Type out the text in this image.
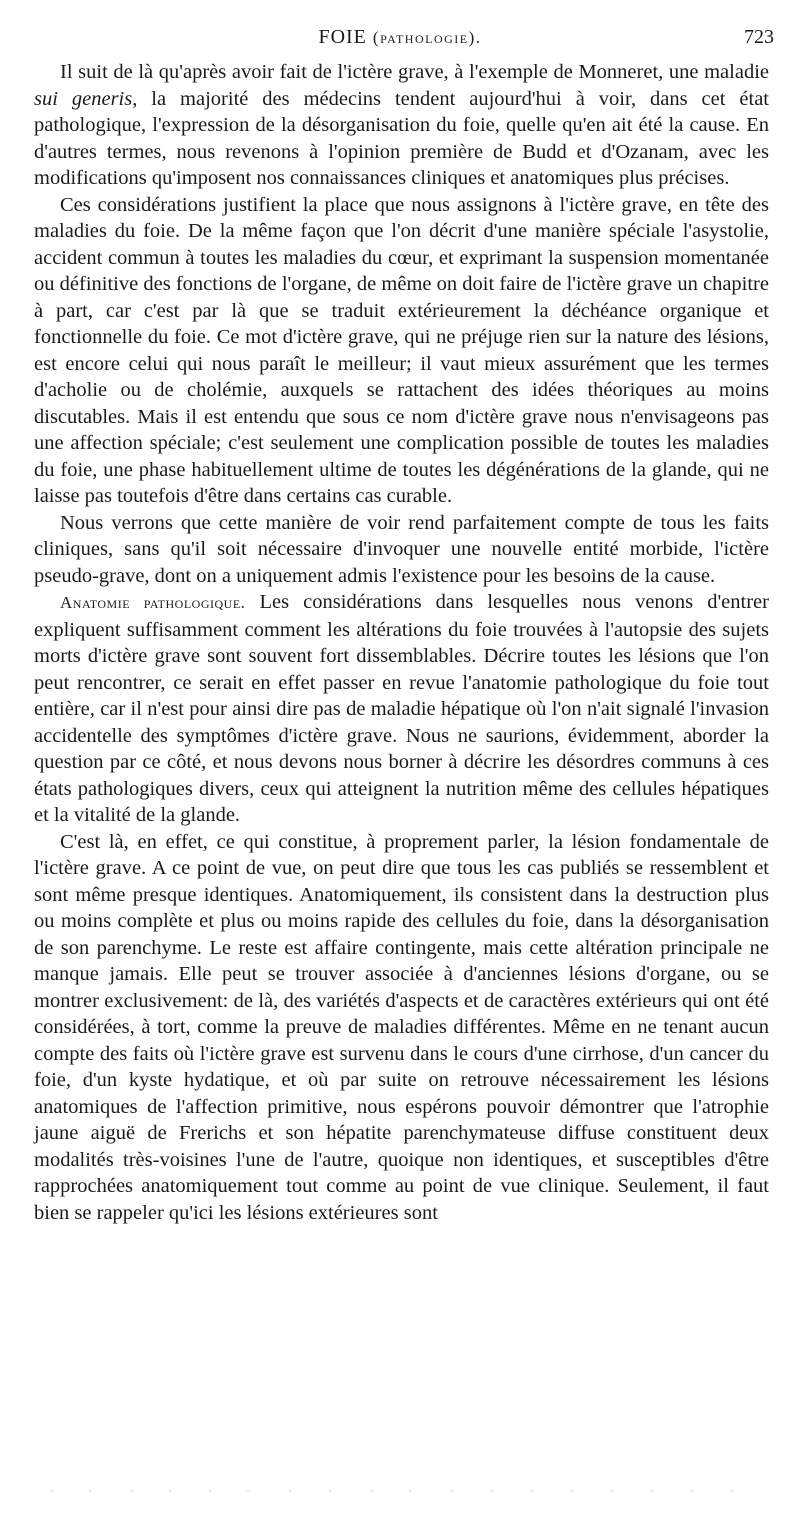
FOIE (pathologie).	723

Il suit de là qu'après avoir fait de l'ictère grave, à l'exemple de Monneret, une maladie sui generis, la majorité des médecins tendent aujourd'hui à voir, dans cet état pathologique, l'expression de la désorganisation du foie, quelle qu'en ait été la cause. En d'autres termes, nous revenons à l'opinion première de Budd et d'Ozanam, avec les modifications qu'imposent nos connaissances cliniques et anatomiques plus précises.

Ces considérations justifient la place que nous assignons à l'ictère grave, en tête des maladies du foie. De la même façon que l'on décrit d'une manière spéciale l'asystolie, accident commun à toutes les maladies du cœur, et exprimant la suspension momentanée ou définitive des fonctions de l'organe, de même on doit faire de l'ictère grave un chapitre à part, car c'est par là que se traduit extérieurement la déchéance organique et fonctionnelle du foie. Ce mot d'ictère grave, qui ne préjuge rien sur la nature des lésions, est encore celui qui nous paraît le meilleur; il vaut mieux assurément que les termes d'acholie ou de cholémie, auxquels se rattachent des idées théoriques au moins discutables. Mais il est entendu que sous ce nom d'ictère grave nous n'envisageons pas une affection spéciale; c'est seulement une complication possible de toutes les maladies du foie, une phase habituellement ultime de toutes les dégénérations de la glande, qui ne laisse pas toutefois d'être dans certains cas curable.

Nous verrons que cette manière de voir rend parfaitement compte de tous les faits cliniques, sans qu'il soit nécessaire d'invoquer une nouvelle entité morbide, l'ictère pseudo-grave, dont on a uniquement admis l'existence pour les besoins de la cause.

Anatomie pathologique. Les considérations dans lesquelles nous venons d'entrer expliquent suffisamment comment les altérations du foie trouvées à l'autopsie des sujets morts d'ictère grave sont souvent fort dissemblables. Décrire toutes les lésions que l'on peut rencontrer, ce serait en effet passer en revue l'anatomie pathologique du foie tout entière, car il n'est pour ainsi dire pas de maladie hépatique où l'on n'ait signalé l'invasion accidentelle des symptômes d'ictère grave. Nous ne saurions, évidemment, aborder la question par ce côté, et nous devons nous borner à décrire les désordres communs à ces états pathologiques divers, ceux qui atteignent la nutrition même des cellules hépatiques et la vitalité de la glande.

C'est là, en effet, ce qui constitue, à proprement parler, la lésion fondamentale de l'ictère grave. A ce point de vue, on peut dire que tous les cas publiés se ressemblent et sont même presque identiques. Anatomiquement, ils consistent dans la destruction plus ou moins complète et plus ou moins rapide des cellules du foie, dans la désorganisation de son parenchyme. Le reste est affaire contingente, mais cette altération principale ne manque jamais. Elle peut se trouver associée à d'anciennes lésions d'organe, ou se montrer exclusivement: de là, des variétés d'aspects et de caractères extérieurs qui ont été considérées, à tort, comme la preuve de maladies différentes. Même en ne tenant aucun compte des faits où l'ictère grave est survenu dans le cours d'une cirrhose, d'un cancer du foie, d'un kyste hydatique, et où par suite on retrouve nécessairement les lésions anatomiques de l'affection primitive, nous espérons pouvoir démontrer que l'atrophie jaune aiguë de Frerichs et son hépatite parenchymateuse diffuse constituent deux modalités très-voisines l'une de l'autre, quoique non identiques, et susceptibles d'être rapprochées anatomiquement tout comme au point de vue clinique. Seulement, il faut bien se rappeler qu'ici les lésions extérieures sont
